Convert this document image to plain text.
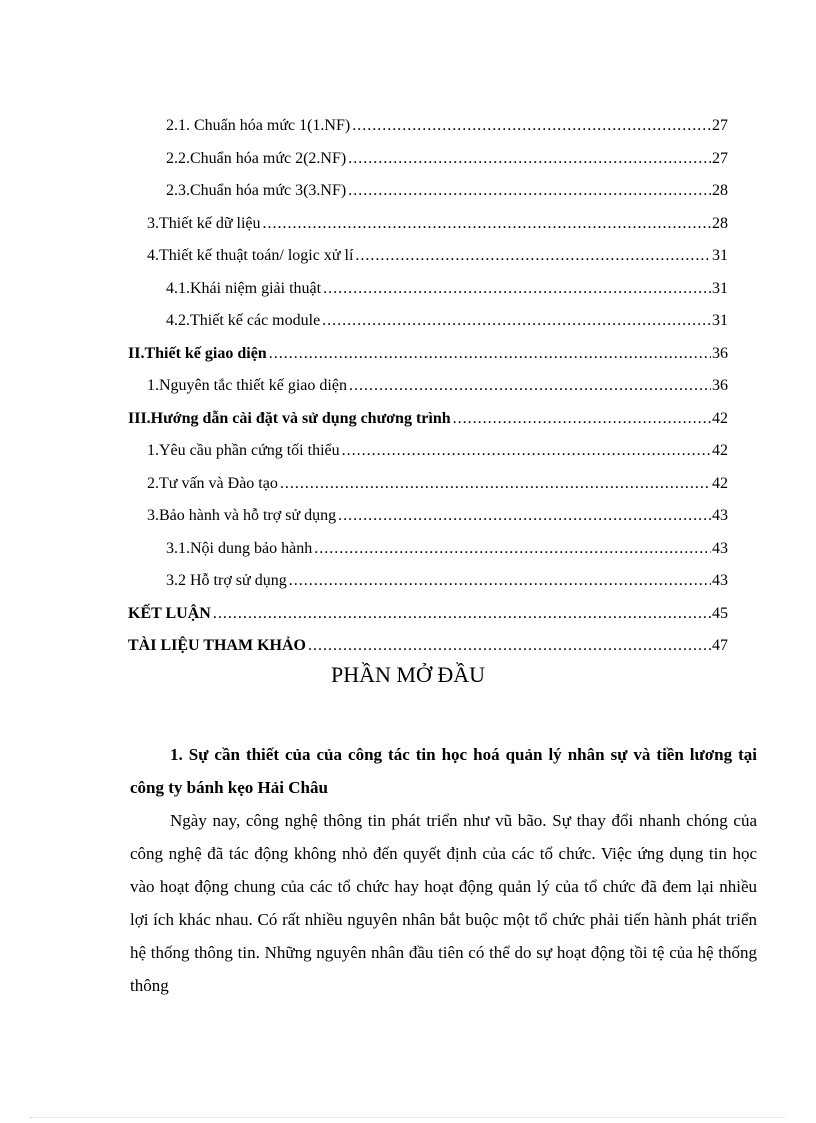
2.1. Chuẩn hóa mức 1(1.NF) .....	27
2.2.Chuẩn hóa mức 2(2.NF) .....	27
2.3.Chuẩn hóa mức 3(3.NF) .....	28
3.Thiết kế dữ liệu .....	28
4.Thiết kế thuật toán/ logic xử lí .....	31
4.1.Khái niệm giải thuật .....	31
4.2.Thiết kế các module .....	31
II.Thiết kế giao diện .....	36
1.Nguyên tắc thiết kế giao diện .....	36
III.Hướng dẫn cài đặt và sử dụng chương trình .....	42
1.Yêu cầu phần cứng tối thiểu .....	42
2.Tư vấn và Đào tạo .....	42
3.Bảo hành và hỗ trợ sử dụng .....	43
3.1.Nội dung bảo hành .....	43
3.2 Hỗ trợ sử dụng .....	43
KẾT LUẬN .....	45
TÀI LIỆU THAM KHẢO .....	47
PHẦN MỞ ĐẦU

1. Sự cần thiết của của công tác tin học hoá quản lý nhân sự và tiền lương tại công ty bánh kẹo Hải Châu

Ngày nay, công nghệ thông tin phát triển như vũ bão. Sự thay đổi nhanh chóng của công nghệ đã tác động không nhỏ đến quyết định của các tổ chức. Việc ứng dụng tin học vào hoạt động chung của các tổ chức hay hoạt động quản lý của tổ chức đã đem lại nhiều lợi ích khác nhau. Có rất nhiều nguyên nhân bắt buộc một tổ chức phải tiến hành phát triển hệ thống thông tin. Những nguyên nhân đầu tiên có thể do sự hoạt động tồi tệ của hệ thống thông
